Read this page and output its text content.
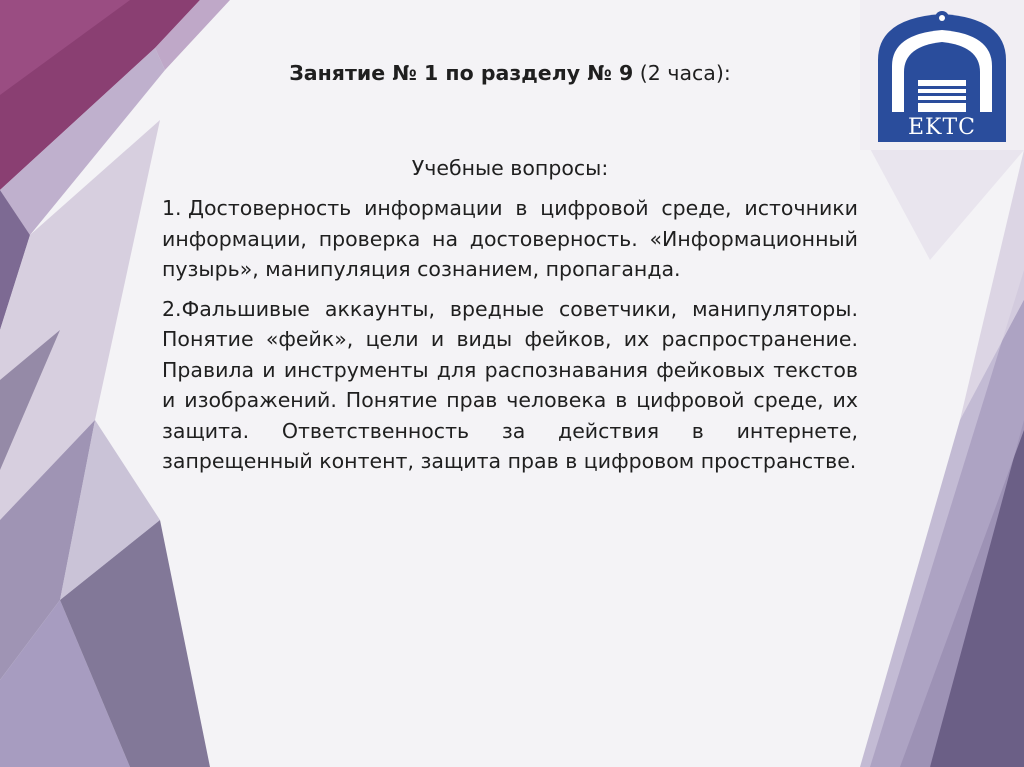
EKTC
Занятие № 1 по разделу № 9 (2 часа):
Учебные вопросы:

1. Достоверность информации в цифровой среде, источники информации, проверка на достоверность. «Информационный пузырь», манипуляция сознанием, пропаганда.

2.Фальшивые аккаунты, вредные советчики, манипуляторы. Понятие «фейк», цели и виды фейков, их распространение. Правила и инструменты для распознавания фейковых текстов и изображений. Понятие прав человека в цифровой среде, их защита. Ответственность за действия в интернете, запрещенный контент, защита прав в цифровом пространстве.
